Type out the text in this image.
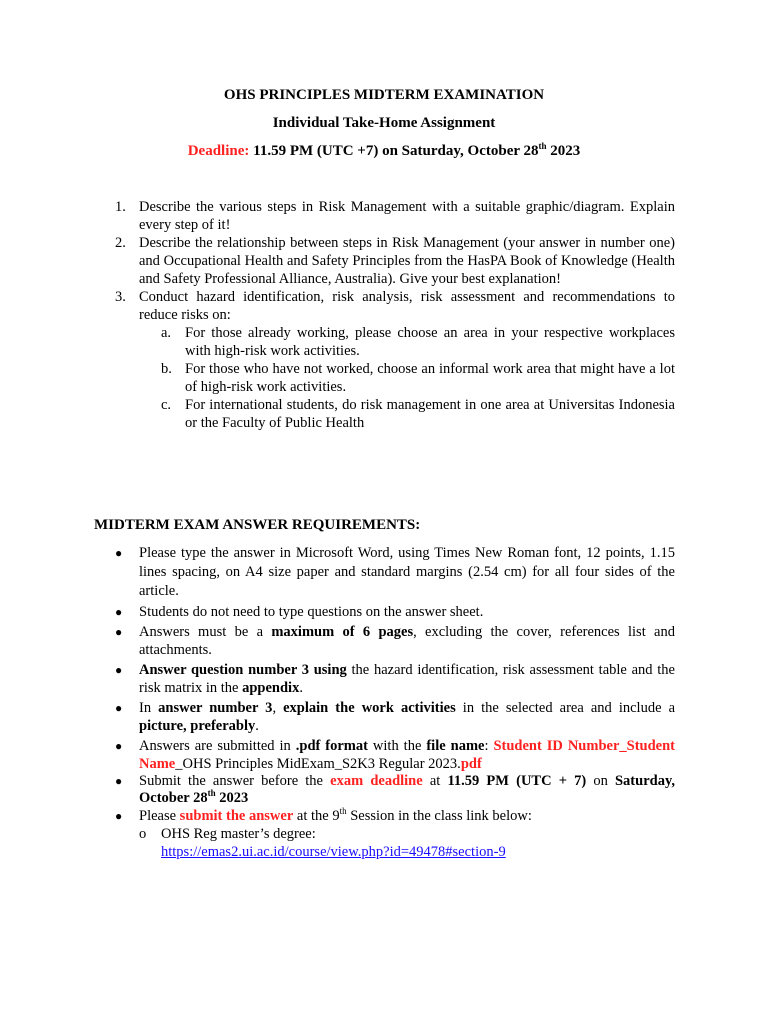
OHS PRINCIPLES MIDTERM EXAMINATION
Individual Take-Home Assignment
Deadline: 11.59 PM (UTC +7) on Saturday, October 28th 2023
1. Describe the various steps in Risk Management with a suitable graphic/diagram. Explain every step of it!
2. Describe the relationship between steps in Risk Management (your answer in number one) and Occupational Health and Safety Principles from the HasPA Book of Knowledge (Health and Safety Professional Alliance, Australia). Give your best explanation!
3. Conduct hazard identification, risk analysis, risk assessment and recommendations to reduce risks on:
a. For those already working, please choose an area in your respective workplaces with high-risk work activities.
b. For those who have not worked, choose an informal work area that might have a lot of high-risk work activities.
c. For international students, do risk management in one area at Universitas Indonesia or the Faculty of Public Health
MIDTERM EXAM ANSWER REQUIREMENTS:
● Please type the answer in Microsoft Word, using Times New Roman font, 12 points, 1.15 lines spacing, on A4 size paper and standard margins (2.54 cm) for all four sides of the article.
● Students do not need to type questions on the answer sheet.
● Answers must be a maximum of 6 pages, excluding the cover, references list and attachments.
● Answer question number 3 using the hazard identification, risk assessment table and the risk matrix in the appendix.
● In answer number 3, explain the work activities in the selected area and include a picture, preferably.
● Answers are submitted in .pdf format with the file name: Student ID Number_Student Name_OHS Principles MidExam_S2K3 Regular 2023.pdf
● Submit the answer before the exam deadline at 11.59 PM (UTC + 7) on Saturday, October 28th 2023
● Please submit the answer at the 9th Session in the class link below:
o OHS Reg master’s degree:
https://emas2.ui.ac.id/course/view.php?id=49478#section-9
